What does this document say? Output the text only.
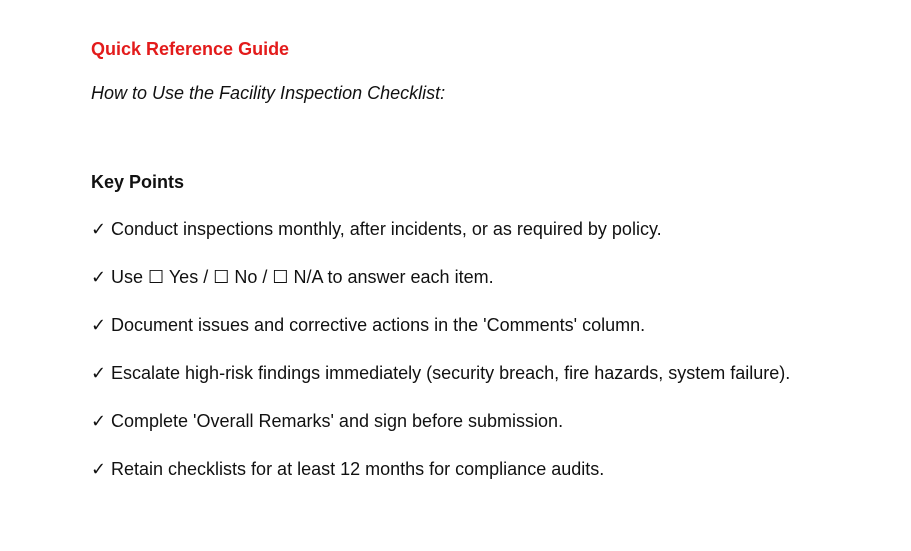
Quick Reference Guide

How to Use the Facility Inspection Checklist:

Key Points
✓ Conduct inspections monthly, after incidents, or as required by policy.
✓ Use ☐ Yes / ☐ No / ☐ N/A to answer each item.
✓ Document issues and corrective actions in the 'Comments' column.
✓ Escalate high-risk findings immediately (security breach, fire hazards, system failure).
✓ Complete 'Overall Remarks' and sign before submission.
✓ Retain checklists for at least 12 months for compliance audits.
